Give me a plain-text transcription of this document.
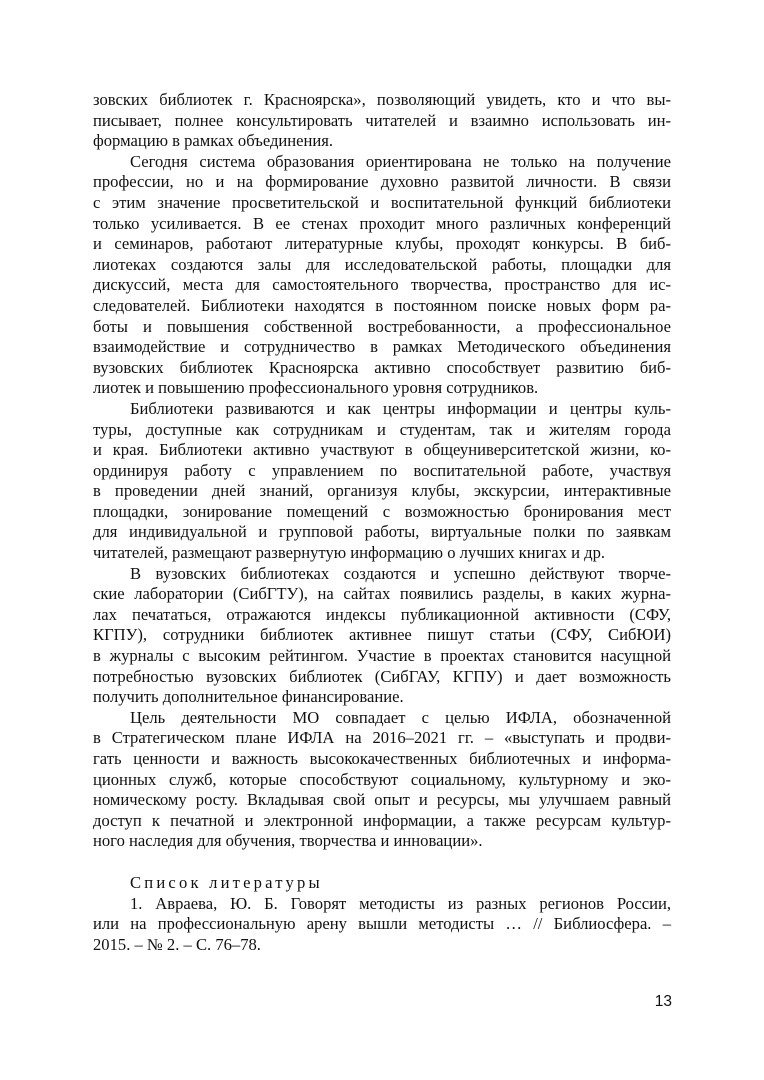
зовских библиотек г. Красноярска», позволяющий увидеть, кто и что вы-
писывает, полнее консультировать читателей и взаимно использовать ин-
формацию в рамках объединения.
Сегодня система образования ориентирована не только на получение
профессии, но и на формирование духовно развитой личности. В связи
с этим значение просветительской и воспитательной функций библиотеки
только усиливается. В ее стенах проходит много различных конференций
и семинаров, работают литературные клубы, проходят конкурсы. В биб-
лиотеках создаются залы для исследовательской работы, площадки для
дискуссий, места для самостоятельного творчества, пространство для ис-
следователей. Библиотеки находятся в постоянном поиске новых форм ра-
боты и повышения собственной востребованности, а профессиональное
взаимодействие и сотрудничество в рамках Методического объединения
вузовских библиотек Красноярска активно способствует развитию биб-
лиотек и повышению профессионального уровня сотрудников.
Библиотеки развиваются и как центры информации и центры куль-
туры, доступные как сотрудникам и студентам, так и жителям города
и края. Библиотеки активно участвуют в общеуниверситетской жизни, ко-
ординируя работу с управлением по воспитательной работе, участвуя
в проведении дней знаний, организуя клубы, экскурсии, интерактивные
площадки, зонирование помещений с возможностью бронирования мест
для индивидуальной и групповой работы, виртуальные полки по заявкам
читателей, размещают развернутую информацию о лучших книгах и др.
В вузовских библиотеках создаются и успешно действуют творче-
ские лаборатории (СибГТУ), на сайтах появились разделы, в каких журна-
лах печататься, отражаются индексы публикационной активности (СФУ,
КГПУ), сотрудники библиотек активнее пишут статьи (СФУ, СибЮИ)
в журналы с высоким рейтингом. Участие в проектах становится насущной
потребностью вузовских библиотек (СибГАУ, КГПУ) и дает возможность
получить дополнительное финансирование.
Цель деятельности МО совпадает с целью ИФЛА, обозначенной
в Стратегическом плане ИФЛА на 2016–2021 гг. – «выступать и продви-
гать ценности и важность высококачественных библиотечных и информа-
ционных служб, которые способствуют социальному, культурному и эко-
номическому росту. Вкладывая свой опыт и ресурсы, мы улучшаем равный
доступ к печатной и электронной информации, а также ресурсам культур-
ного наследия для обучения, творчества и инновации».
Список литературы
1. Авраева, Ю. Б. Говорят методисты из разных регионов России,
или на профессиональную арену вышли методисты … // Библиосфера. –
2015. – № 2. – С. 76–78.
13
